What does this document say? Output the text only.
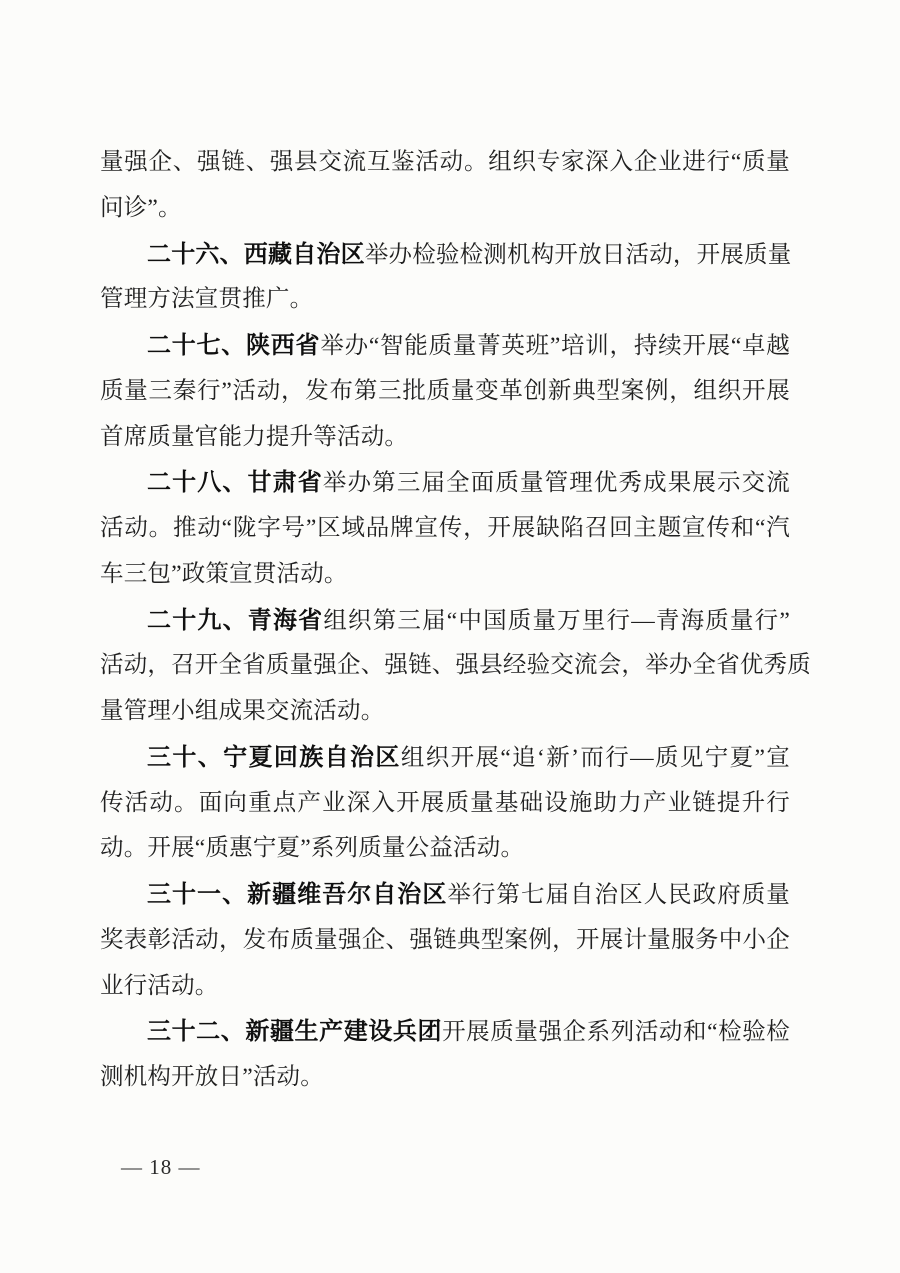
量强企、强链、强县交流互鉴活动。组织专家深入企业进行“质量
问诊”。

二十六、西藏自治区举办检验检测机构开放日活动，开展质量
管理方法宣贯推广。

二十七、陕西省举办“智能质量菁英班”培训，持续开展“卓越
质量三秦行”活动，发布第三批质量变革创新典型案例，组织开展
首席质量官能力提升等活动。

二十八、甘肃省举办第三届全面质量管理优秀成果展示交流
活动。推动“陇字号”区域品牌宣传，开展缺陷召回主题宣传和“汽
车三包”政策宣贯活动。

二十九、青海省组织第三届“中国质量万里行—青海质量行”
活动，召开全省质量强企、强链、强县经验交流会，举办全省优秀质
量管理小组成果交流活动。

三十、宁夏回族自治区组织开展“追‘新’而行—质见宁夏”宣
传活动。面向重点产业深入开展质量基础设施助力产业链提升行
动。开展“质惠宁夏”系列质量公益活动。

三十一、新疆维吾尔自治区举行第七届自治区人民政府质量
奖表彰活动，发布质量强企、强链典型案例，开展计量服务中小企
业行活动。

三十二、新疆生产建设兵团开展质量强企系列活动和“检验检
测机构开放日”活动。

— 18 —
